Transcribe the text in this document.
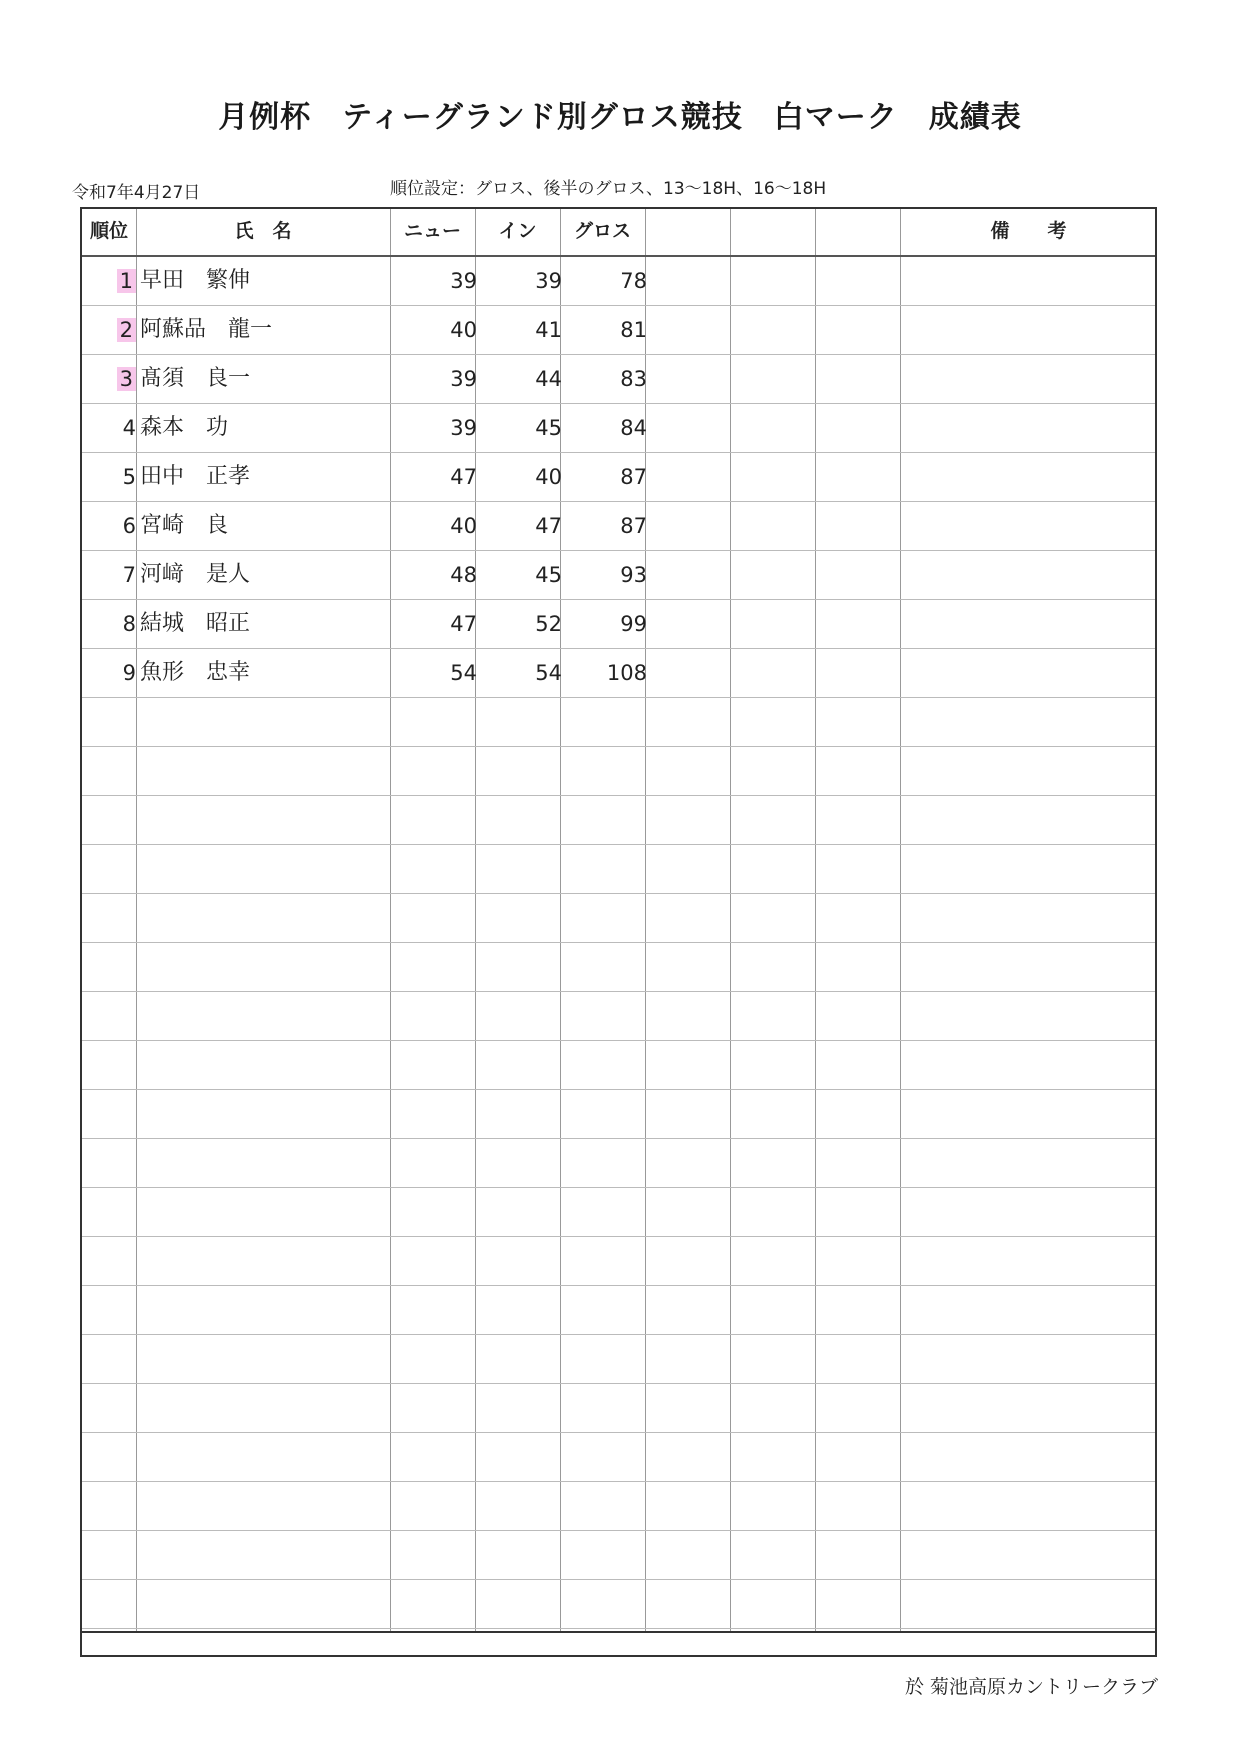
月例杯　ティーグランド別グロス競技　白マーク　成績表
令和7年4月27日	順位設定：グロス、後半のグロス、13～18H、16～18H
順位	氏　名	ニュー	イン	グロス	備　　考
1 早田　繁伸	39	39	78
2 阿蘇品　龍一	40	41	81
3 髙須　良一	39	44	83
4 森本　功	39	45	84
5 田中　正孝	47	40	87
6 宮崎　良	40	47	87
7 河﨑　是人	48	45	93
8 結城　昭正	47	52	99
9 魚形　忠幸	54	54	108
於 菊池高原カントリークラブ
